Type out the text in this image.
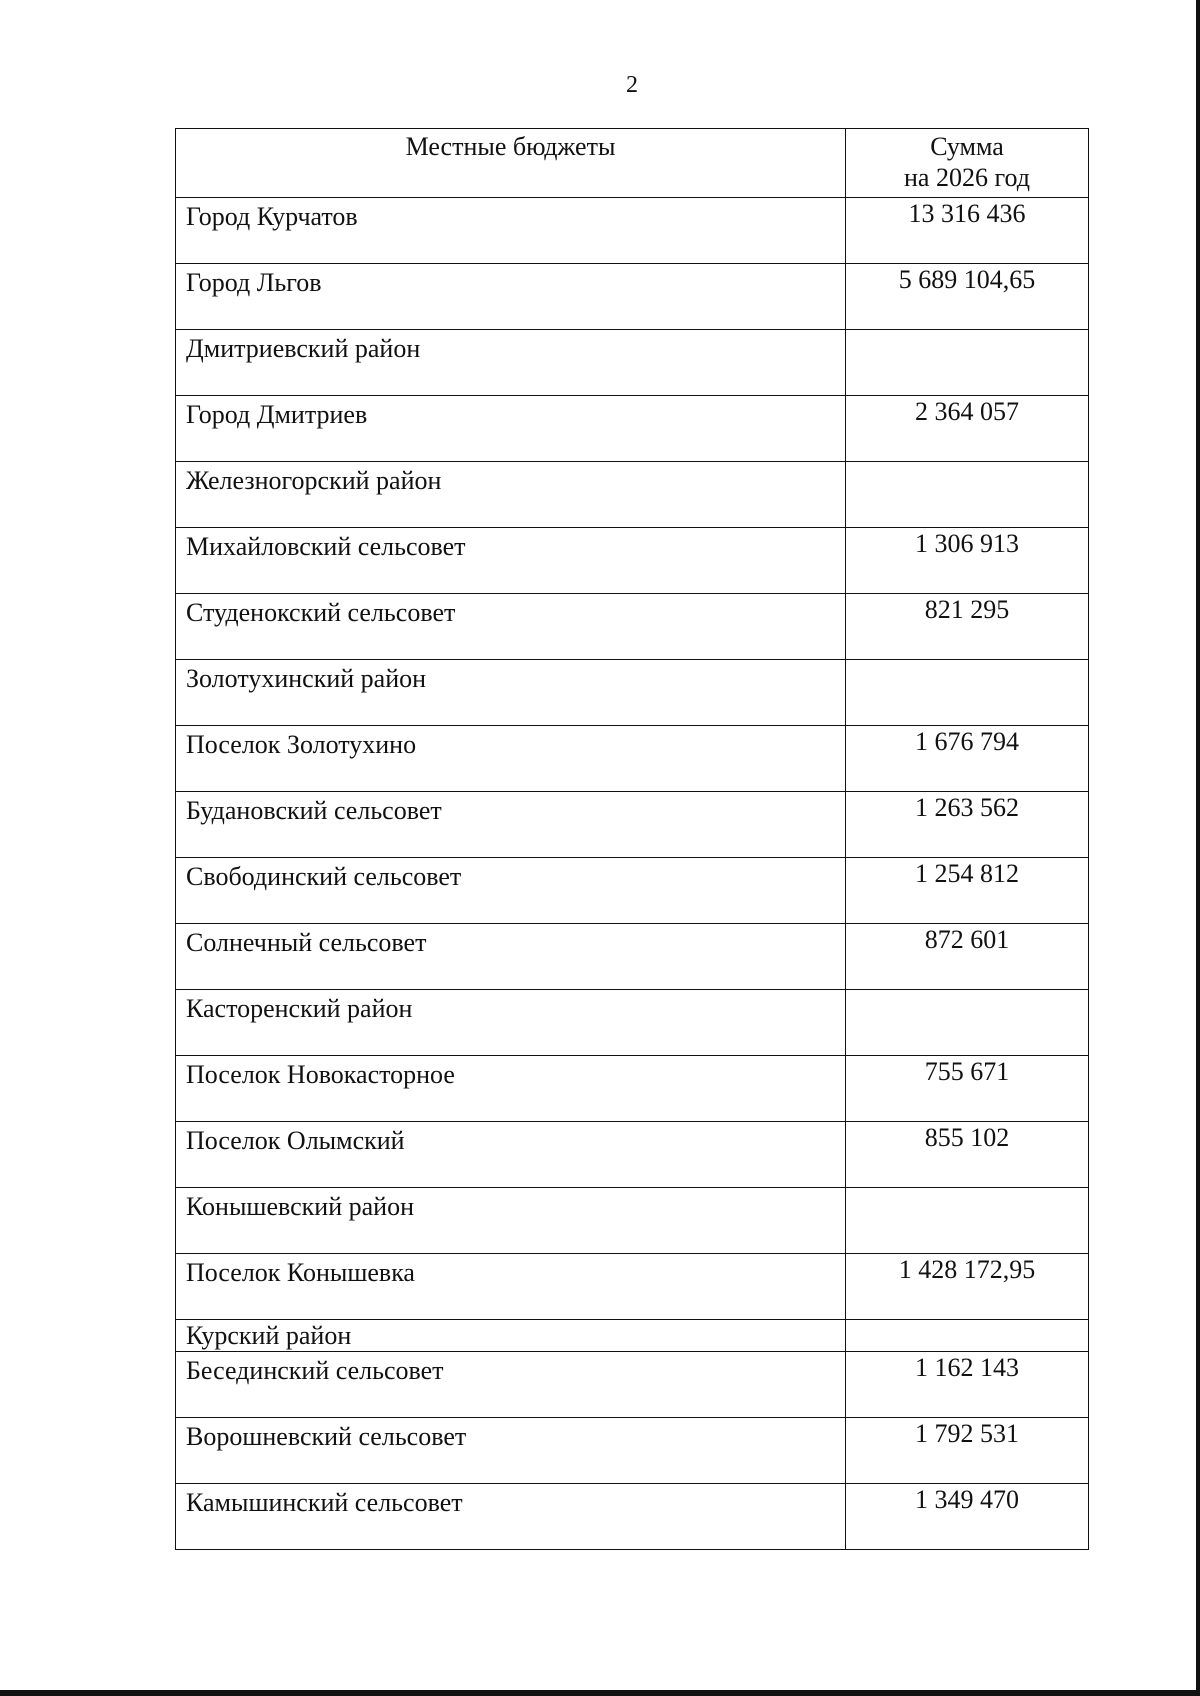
2
Местные бюджеты	Сумма
на 2026 год

Город Курчатов	13 316 436
Город Льгов	5 689 104,65
Дмитриевский район	
Город Дмитриев	2 364 057
Железногорский район	
Михайловский сельсовет	1 306 913
Студенокский сельсовет	821 295
Золотухинский район	
Поселок Золотухино	1 676 794
Будановский сельсовет	1 263 562
Свободинский сельсовет	1 254 812
Солнечный сельсовет	872 601
Касторенский район	
Поселок Новокасторное	755 671
Поселок Олымский	855 102
Конышевский район	
Поселок Конышевка	1 428 172,95
Курский район	
Бесединский сельсовет	1 162 143
Ворошневский сельсовет	1 792 531
Камышинский сельсовет	1 349 470
